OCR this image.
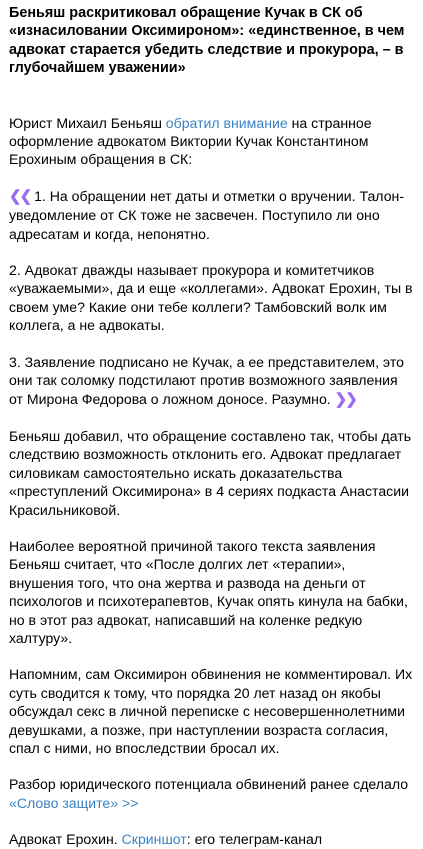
Беньяш раскритиковал обращение Кучак в СК об «изнасиловании Оксимироном»: «единственное, в чем адвокат старается убедить следствие и прокурора, – в глубочайшем уважении»

Юрист Михаил Беньяш обратил внимание на странное оформление адвокатом Виктории Кучак Константином Ерохиным обращения в СК:

❮❮ 1. На обращении нет даты и отметки о вручении. Талон-уведомление от СК тоже не засвечен. Поступило ли оно адресатам и когда, непонятно.

2. Адвокат дважды называет прокурора и комитетчиков «уважаемыми», да и еще «коллегами». Адвокат Ерохин, ты в своем уме? Какие они тебе коллеги? Тамбовский волк им коллега, а не адвокаты.

3. Заявление подписано не Кучак, а ее представителем, это они так соломку подстилают против возможного заявления от Мирона Федорова о ложном доносе. Разумно. ❯❯

Беньяш добавил, что обращение составлено так, чтобы дать следствию возможность отклонить его. Адвокат предлагает силовикам самостоятельно искать доказательства «преступлений Оксимирона» в 4 сериях подкаста Анастасии Красильниковой.

Наиболее вероятной причиной такого текста заявления Беньяш считает, что «После долгих лет «терапии», внушения того, что она жертва и развода на деньги от психологов и психотерапевтов, Кучак опять кинула на бабки, но в этот раз адвокат, написавший на коленке редкую халтуру».

Напомним, сам Оксимирон обвинения не комментировал. Их суть сводится к тому, что порядка 20 лет назад он якобы обсуждал секс в личной переписке с несовершеннолетними девушками, а позже, при наступлении возраста согласия, спал с ними, но впоследствии бросал их.

Разбор юридического потенциала обвинений ранее сделало «Слово защите» >>

Адвокат Ерохин. Скриншот: его телеграм-канал
